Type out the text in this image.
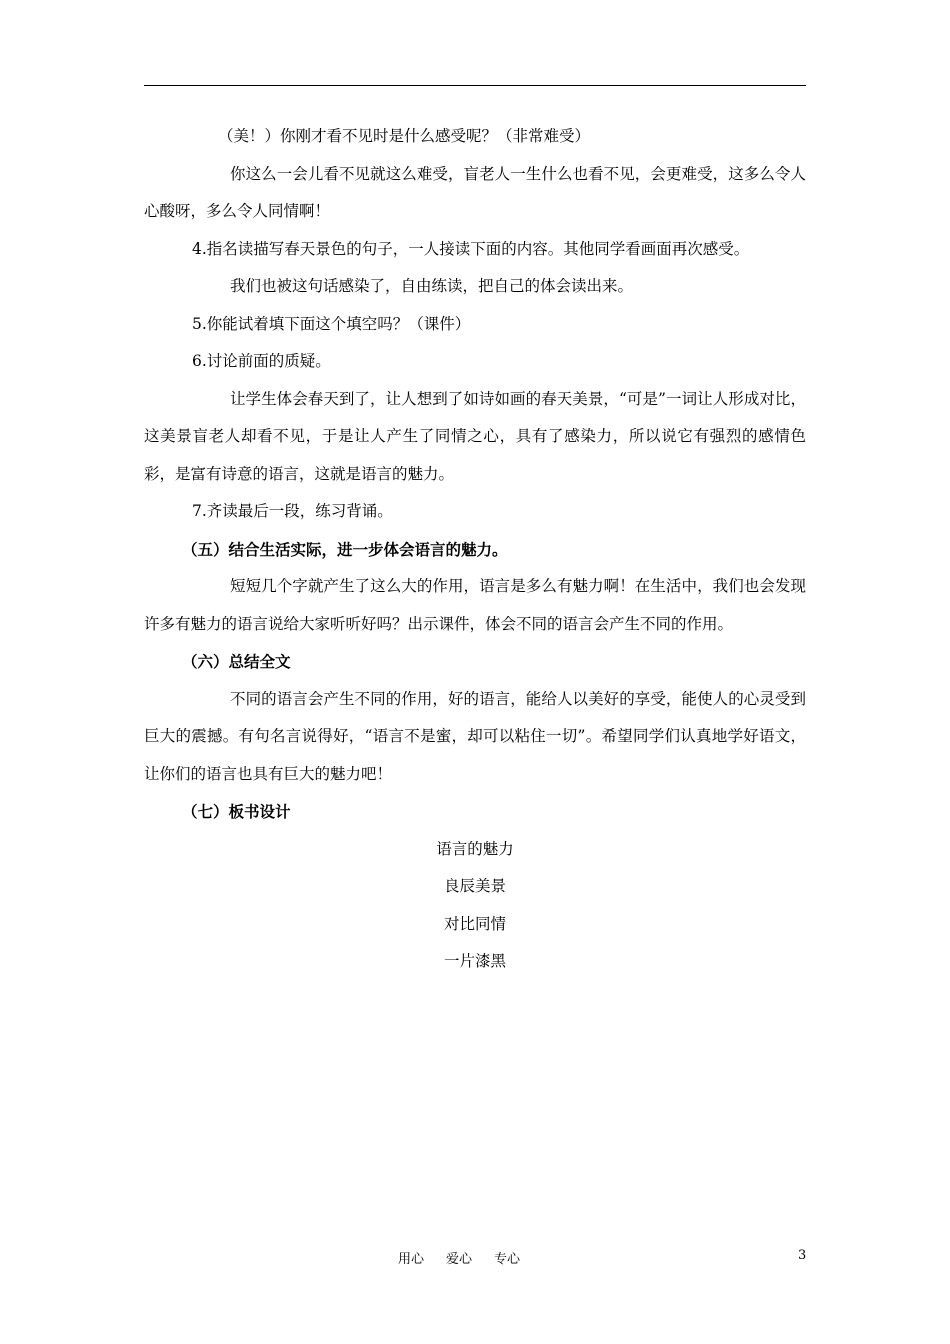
（美！）你刚才看不见时是什么感受呢？（非常难受）

你这么一会儿看不见就这么难受，盲老人一生什么也看不见，会更难受，这多么令人心酸呀，多么令人同情啊！

4.指名读描写春天景色的句子，一人接读下面的内容。其他同学看画面再次感受。

我们也被这句话感染了，自由练读，把自己的体会读出来。

5.你能试着填下面这个填空吗？（课件）

6.讨论前面的质疑。

让学生体会春天到了，让人想到了如诗如画的春天美景，“可是”一词让人形成对比，这美景盲老人却看不见，于是让人产生了同情之心，具有了感染力，所以说它有强烈的感情色彩，是富有诗意的语言，这就是语言的魅力。

7.齐读最后一段，练习背诵。

（五）结合生活实际，进一步体会语言的魅力。

短短几个字就产生了这么大的作用，语言是多么有魅力啊！在生活中，我们也会发现许多有魅力的语言说给大家听听好吗？出示课件，体会不同的语言会产生不同的作用。

（六）总结全文

不同的语言会产生不同的作用，好的语言，能给人以美好的享受，能使人的心灵受到巨大的震撼。有句名言说得好，“语言不是蜜，却可以粘住一切”。希望同学们认真地学好语文，让你们的语言也具有巨大的魅力吧！

（七）板书设计

语言的魅力

良辰美景

对比同情

一片漆黑

用心 爱心 专心	3
